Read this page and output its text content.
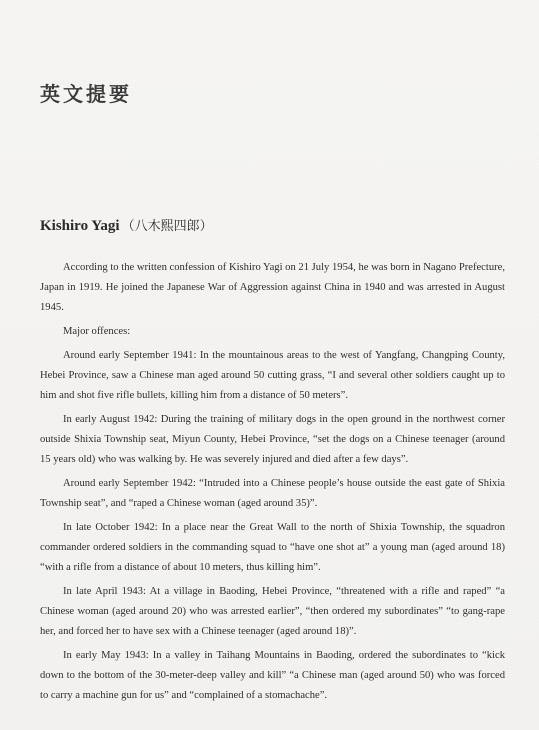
英文提要
Kishiro Yagi （八木熙四郎）

According to the written confession of Kishiro Yagi on 21 July 1954, he was born in Nagano Prefecture, Japan in 1919. He joined the Japanese War of Aggression against China in 1940 and was arrested in August 1945.

Major offences:

Around early September 1941: In the mountainous areas to the west of Yangfang, Changping County, Hebei Province, saw a Chinese man aged around 50 cutting grass, “I and several other soldiers caught up to him and shot five rifle bullets, killing him from a distance of 50 meters”.

In early August 1942: During the training of military dogs in the open ground in the northwest corner outside Shixia Township seat, Miyun County, Hebei Province, “set the dogs on a Chinese teenager (around 15 years old) who was walking by. He was severely injured and died after a few days”.

Around early September 1942: “Intruded into a Chinese people’s house outside the east gate of Shixia Township seat”, and “raped a Chinese woman (aged around 35)”.

In late October 1942: In a place near the Great Wall to the north of Shixia Township, the squadron commander ordered soldiers in the commanding squad to “have one shot at” a young man (aged around 18) “with a rifle from a distance of about 10 meters, thus killing him”.

In late April 1943: At a village in Baoding, Hebei Province, “threatened with a rifle and raped” “a Chinese woman (aged around 20) who was arrested earlier”, “then ordered my subordinates” “to gang-rape her, and forced her to have sex with a Chinese teenager (aged around 18)”.

In early May 1943: In a valley in Taihang Mountains in Baoding, ordered the subordinates to “kick down to the bottom of the 30-meter-deep valley and kill” “a Chinese man (aged around 50) who was forced to carry a machine gun for us” and “complained of a stomachache”.
